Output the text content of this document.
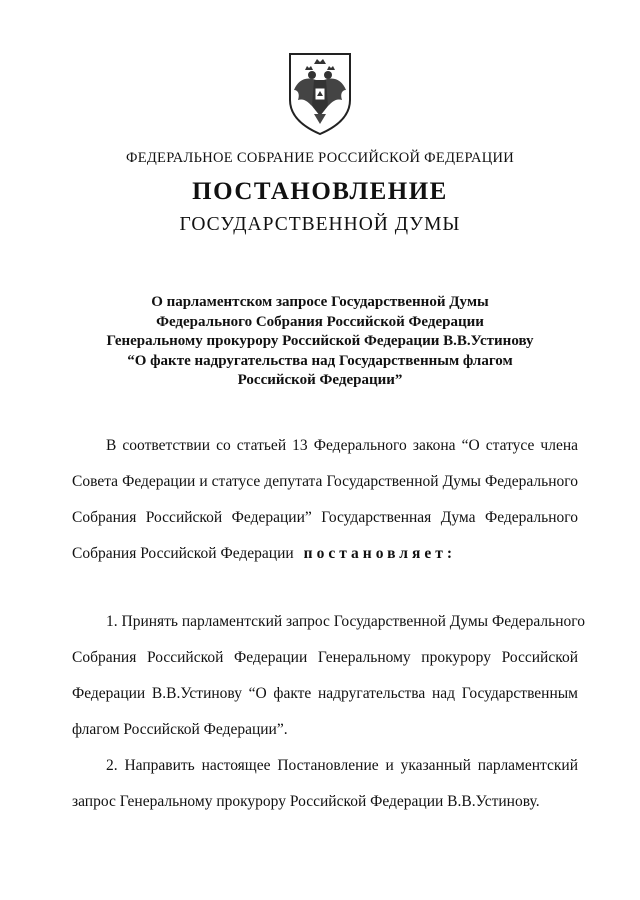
ФЕДЕРАЛЬНОЕ СОБРАНИЕ РОССИЙСКОЙ ФЕДЕРАЦИИ
ПОСТАНОВЛЕНИЕ
ГОСУДАРСТВЕННОЙ ДУМЫ
О парламентском запросе Государственной Думы
Федерального Собрания Российской Федерации
Генеральному прокурору Российской Федерации В.В.Устинову
“О факте надругательства над Государственным флагом
Российской Федерации”
В соответствии со статьей 13 Федерального закона “О статусе члена
Совета Федерации и статусе депутата Государственной Думы Федерального
Собрания Российской Федерации” Государственная Дума Федерального
Собрания Российской Федерации постановляет:
1. Принять парламентский запрос Государственной Думы Федерального
Собрания Российской Федерации Генеральному прокурору Российской
Федерации В.В.Устинову “О факте надругательства над Государственным
флагом Российской Федерации”.
2. Направить настоящее Постановление и указанный парламентский
запрос Генеральному прокурору Российской Федерации В.В.Устинову.
